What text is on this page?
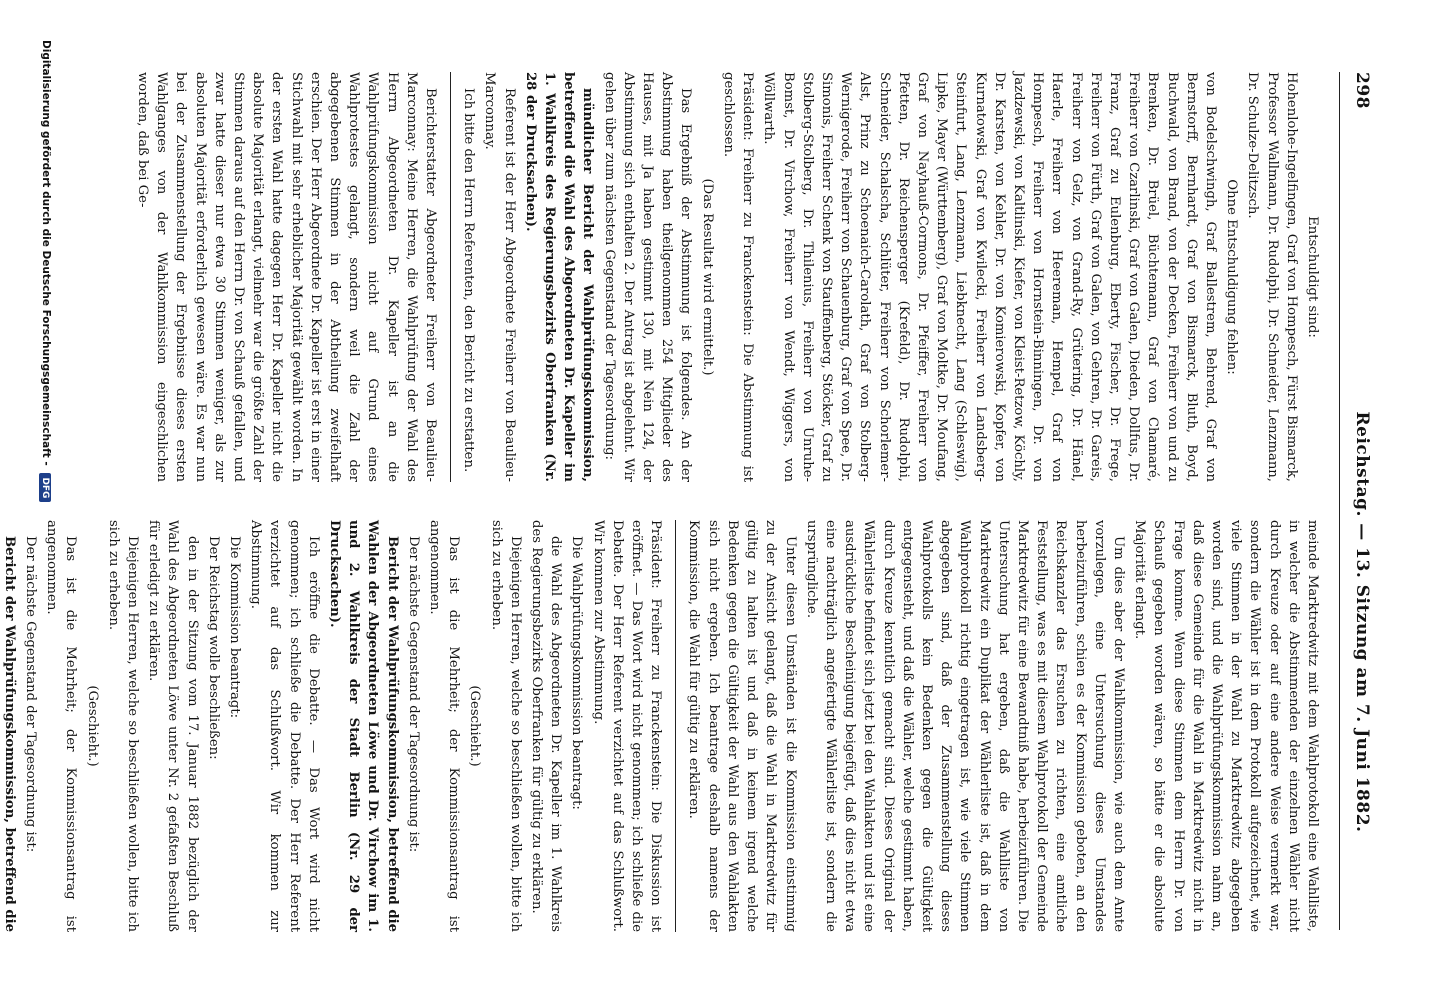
298
Reichstag. — 13. Sitzung am 7. Juni 1882.

Entschuldigt sind:

Hohenlohe-Ingelfingen, Graf von Hompesch, Fürst Bismarck, Professor Wallmann, Dr. Rudolphi, Dr. Schneider, Lenzmann, Dr. Schulze-Delitzsch.

Ohne Entschuldigung fehlen:

von Bodelschwingh, Graf Ballestrem, Behrend, Graf von Bernstorff, Bernhardt, Graf von Bismarck, Bluth, Boyd, Buchwald, von Brand, von der Decken, Freiherr von und zu Brenken, Dr. Brüel, Büchtemann, Graf von Chamaré, Freiherr von Czarlinski, Graf von Galen, Dieden, Dollfus, Dr. Franz, Graf zu Eulenburg, Eberty, Fischer, Dr. Frege, Freiherr von Fürth, Graf von Galen, von Gehren, Dr. Gareis, Freiherr von Gelz, von Grand-Ry, Grütering, Dr. Hänel, Haerle, Freiherr von Heereman, Hempel, Graf von Hompesch, Freiherr von Hornstein-Binningen, Dr. von Jazdzewski, von Kaltlinski, Kiefer, von Kleist-Retzow, Köchly, Dr. Karsten, von Kehler, Dr. von Komierowski, Kopfer, von Kurnatowski, Graf von Kwilecki, Freiherr von Landsberg-Steinfurt, Lang, Lenzmann, Liebknecht, Lang (Schleswig), Lipke, Mayer (Württemberg), Graf von Moltke, Dr. Moufang, Graf von Nayhauß-Cormons, Dr. Pfeiffer, Freiherr von Pfetten, Dr. Reichensperger (Krefeld), Dr. Rudolphi, Schneider, Schalscha, Schlüter, Freiherr von Schorlemer-Alst, Prinz zu Schoenaich-Carolath, Graf von Stolberg-Wernigerode, Freiherr von Schauenburg, Graf von Spee, Dr. Simonis, Freiherr Schenk von Stauffenberg, Stöcker, Graf zu Stolberg-Stolberg, Dr. Thilenius, Freiherr von Unruhe-Bomst, Dr. Virchow, Freiherr von Wendt, Wiggers, von Wöllwarth.

Präsident: Freiherr zu Franckenstein: Die Abstimmung ist geschlossen.

(Das Resultat wird ermittelt.)

Das Ergebniß der Abstimmung ist folgendes. An der Abstimmung haben theilgenommen 254 Mitglieder des Hauses, mit Ja haben gestimmt 130, mit Nein 124, der Abstimmung sich enthalten 2. Der Antrag ist abgelehnt. Wir gehen über zum nächsten Gegenstand der Tagesordnung:

mündlicher Bericht der Wahlprüfungskommission, betreffend die Wahl des Abgeordneten Dr. Kapeller im 1. Wahlkreis des Regierungsbezirks Oberfranken (Nr. 28 der Drucksachen).

Referent ist der Herr Abgeordnete Freiherr von Beaulieu-Marconnay.

Ich bitte den Herrn Referenten, den Bericht zu erstatten.

Berichterstatter Abgeordneter Freiherr von Beaulieu-Marconnay: Meine Herren, die Wahlprüfung der Wahl des Herrn Abgeordneten Dr. Kapeller ist an die Wahlprüfungskommission nicht auf Grund eines Wahlprotestes gelangt, sondern weil die Zahl der abgegebenen Stimmen in der Abtheilung zweifelhaft erschien. Der Herr Abgeordnete Dr. Kapeller ist erst in einer Stichwahl mit sehr erheblicher Majorität gewählt worden. In der ersten Wahl hatte dagegen Herr Dr. Kapeller nicht die absolute Majorität erlangt, vielmehr war die größte Zahl der Stimmen daraus auf den Herrn Dr. von Schauß gefallen, und zwar hatte dieser nur etwa 30 Stimmen weniger, als zur absoluten Majorität erforderlich gewesen wäre. Es war nun bei der Zusammenstellung der Ergebnisse dieses ersten Wahlganges von der Wahlkommission eingeschlichen worden, daß bei Ge-

meinde Marktredwitz mit dem Wahlprotokoll eine Wahlliste, in welcher die Abstimmenden der einzelnen Wähler nicht durch Kreuze oder auf eine andere Weise vermerkt war, sondern die Wähler ist in dem Protokoll aufgezeichnet, wie viele Stimmen in der Wahl zu Marktredwitz abgegeben worden sind, und die Wahlprüfungskommission nahm an, daß diese Gemeinde für die Wahl in Marktredwitz nicht in Frage komme. Wenn diese Stimmen dem Herrn Dr. von Schauß gegeben worden wären, so hätte er die absolute Majorität erlangt.

Um dies aber der Wahlkommission, wie auch dem Amte vorzulegen, eine Untersuchung dieses Umstandes herbeizuführen, schien es der Kommission geboten, an den Reichskanzler das Ersuchen zu richten, eine amtliche Feststellung, was es mit diesem Wahlprotokoll der Gemeinde Marktredwitz für eine Bewandtniß habe, herbeizuführen. Die Untersuchung hat ergeben, daß die Wahlliste von Marktredwitz ein Duplikat der Wählerliste ist, daß in dem Wahlprotokoll richtig eingetragen ist, wie viele Stimmen abgegeben sind, daß der Zusammenstellung dieses Wahlprotokolls kein Bedenken gegen die Gültigkeit entgegensteht, und daß die Wähler, welche gestimmt haben, durch Kreuze kenntlich gemacht sind. Dieses Original der Wählerliste befindet sich jetzt bei den Wahlakten und ist eine ausdrückliche Bescheinigung beigefügt, daß dies nicht etwa eine nachträglich angefertigte Wählerliste ist, sondern die ursprüngliche.

Unter diesen Umständen ist die Kommission einstimmig zu der Ansicht gelangt, daß die Wahl in Marktredwitz für gültig zu halten ist und daß in keinem irgend welche Bedenken gegen die Gültigkeit der Wahl aus den Wahlakten sich nicht ergeben. Ich beantrage deshalb namens der Kommission, die Wahl für gültig zu erklären.

Präsident: Freiherr zu Franckenstein: Die Diskussion ist eröffnet. — Das Wort wird nicht genommen; ich schließe die Debatte. Der Herr Referent verzichtet auf das Schlußwort. Wir kommen zur Abstimmung.

Die Wahlprüfungskommission beantragt:

die Wahl des Abgeordneten Dr. Kapeller im 1. Wahlkreis des Regierungsbezirks Oberfranken für gültig zu erklären.

Diejenigen Herren, welche so beschließen wollen, bitte ich sich zu erheben.

(Geschieht.)

Das ist die Mehrheit; der Kommissionsantrag ist angenommen.

Der nächste Gegenstand der Tagesordnung ist:

Bericht der Wahlprüfungskommission, betreffend die Wahlen der Abgeordneten Löwe und Dr. Virchow im 1. und 2. Wahlkreis der Stadt Berlin (Nr. 29 der Drucksachen).

Ich eröffne die Debatte. — Das Wort wird nicht genommen; ich schließe die Debatte. Der Herr Referent verzichtet auf das Schlußwort. Wir kommen zur Abstimmung.

Die Kommission beantragt:

Der Reichstag wolle beschließen:

den in der Sitzung vom 17. Januar 1882 bezüglich der Wahl des Abgeordneten Löwe unter Nr. 2 gefaßten Beschluß für erledigt zu erklären.

Diejenigen Herren, welche so beschließen wollen, bitte ich sich zu erheben.

(Geschieht.)

Das ist die Mehrheit; der Kommissionsantrag ist angenommen.

Der nächste Gegenstand der Tagesordnung ist:

Bericht der Wahlprüfungskommission, betreffend die

Digitalisierung gefördert durch die Deutsche Forschungsgemeinschaft - DFG
